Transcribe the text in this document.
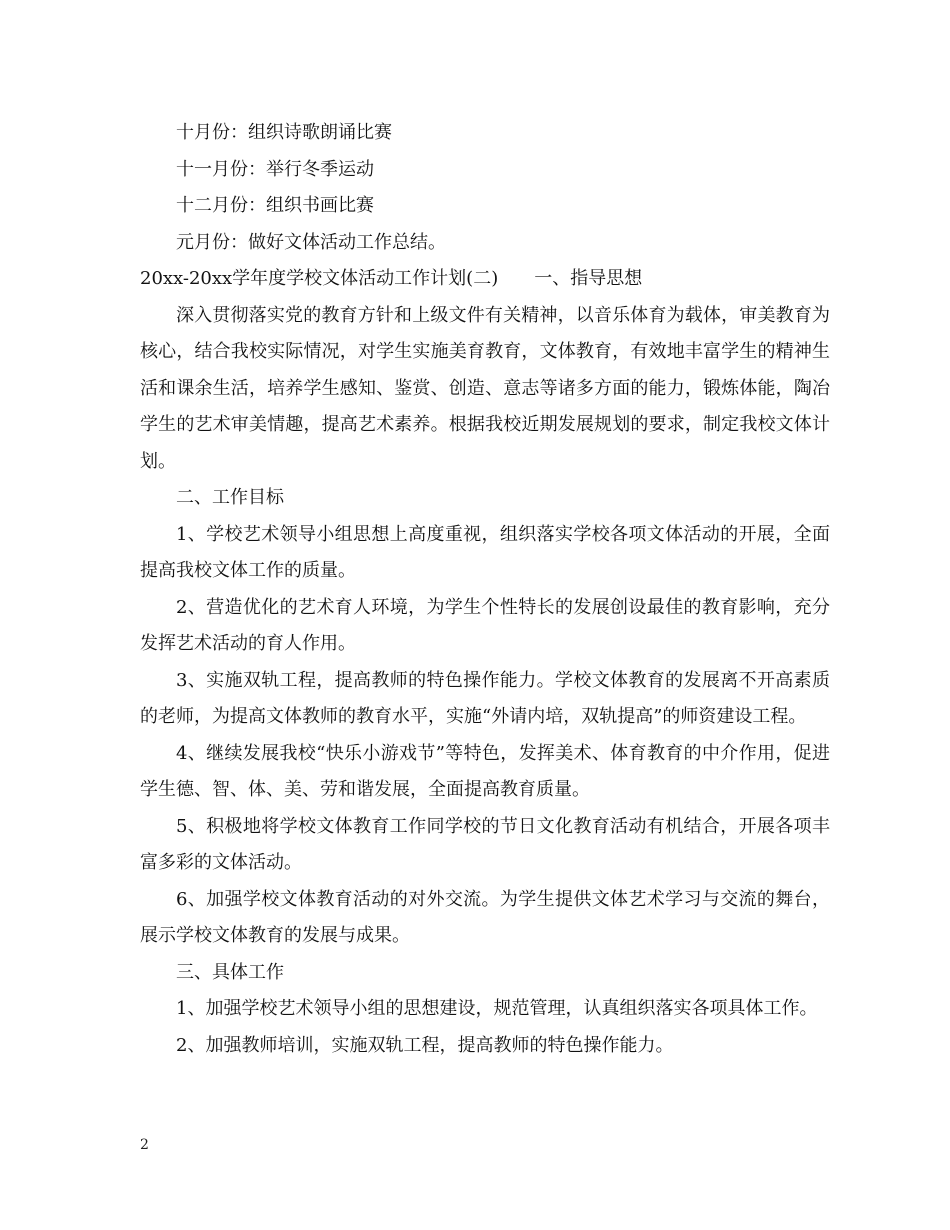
十月份：组织诗歌朗诵比赛

十一月份：举行冬季运动

十二月份：组织书画比赛

元月份：做好文体活动工作总结。

20xx-20xx学年度学校文体活动工作计划(二)　　一、指导思想

深入贯彻落实党的教育方针和上级文件有关精神，以音乐体育为载体，审美教育为核心，结合我校实际情况，对学生实施美育教育，文体教育，有效地丰富学生的精神生活和课余生活，培养学生感知、鉴赏、创造、意志等诸多方面的能力，锻炼体能，陶冶学生的艺术审美情趣，提高艺术素养。根据我校近期发展规划的要求，制定我校文体计划。

二、工作目标

1、学校艺术领导小组思想上高度重视，组织落实学校各项文体活动的开展，全面提高我校文体工作的质量。

2、营造优化的艺术育人环境，为学生个性特长的发展创设最佳的教育影响，充分发挥艺术活动的育人作用。

3、实施双轨工程，提高教师的特色操作能力。学校文体教育的发展离不开高素质的老师，为提高文体教师的教育水平，实施“外请内培，双轨提高”的师资建设工程。

4、继续发展我校“快乐小游戏节”等特色，发挥美术、体育教育的中介作用，促进学生德、智、体、美、劳和谐发展，全面提高教育质量。

5、积极地将学校文体教育工作同学校的节日文化教育活动有机结合，开展各项丰富多彩的文体活动。

6、加强学校文体教育活动的对外交流。为学生提供文体艺术学习与交流的舞台，展示学校文体教育的发展与成果。

三、具体工作

1、加强学校艺术领导小组的思想建设，规范管理，认真组织落实各项具体工作。

2、加强教师培训，实施双轨工程，提高教师的特色操作能力。

2
